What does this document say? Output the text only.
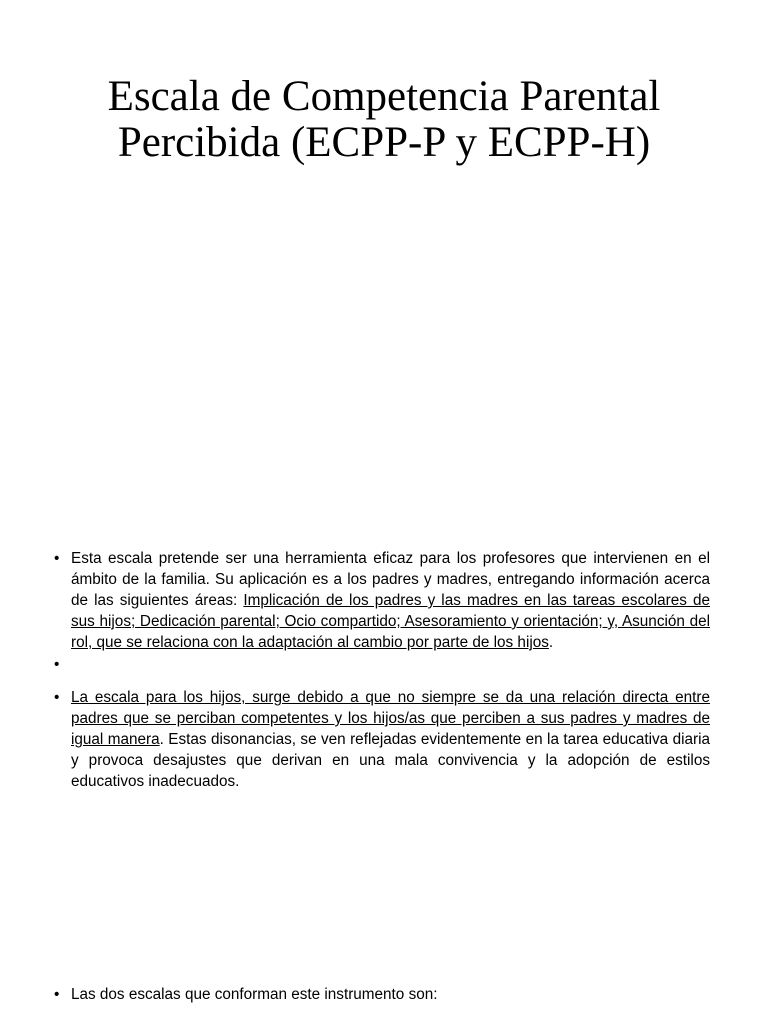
Escala de Competencia Parental Percibida (ECPP-P y ECPP-H)
• Esta escala pretende ser una herramienta eficaz para los profesores que intervienen en el ámbito de la familia. Su aplicación es a los padres y madres, entregando información acerca de las siguientes áreas: Implicación de los padres y las madres en las tareas escolares de sus hijos; Dedicación parental; Ocio compartido; Asesoramiento y orientación; y, Asunción del rol, que se relaciona con la adaptación al cambio por parte de los hijos.
•
• La escala para los hijos, surge debido a que no siempre se da una relación directa entre padres que se perciban competentes y los hijos/as que perciben a sus padres y madres de igual manera. Estas disonancias, se ven reflejadas evidentemente en la tarea educativa diaria y provoca desajustes que derivan en una mala convivencia y la adopción de estilos educativos inadecuados.
• Las dos escalas que conforman este instrumento son:
